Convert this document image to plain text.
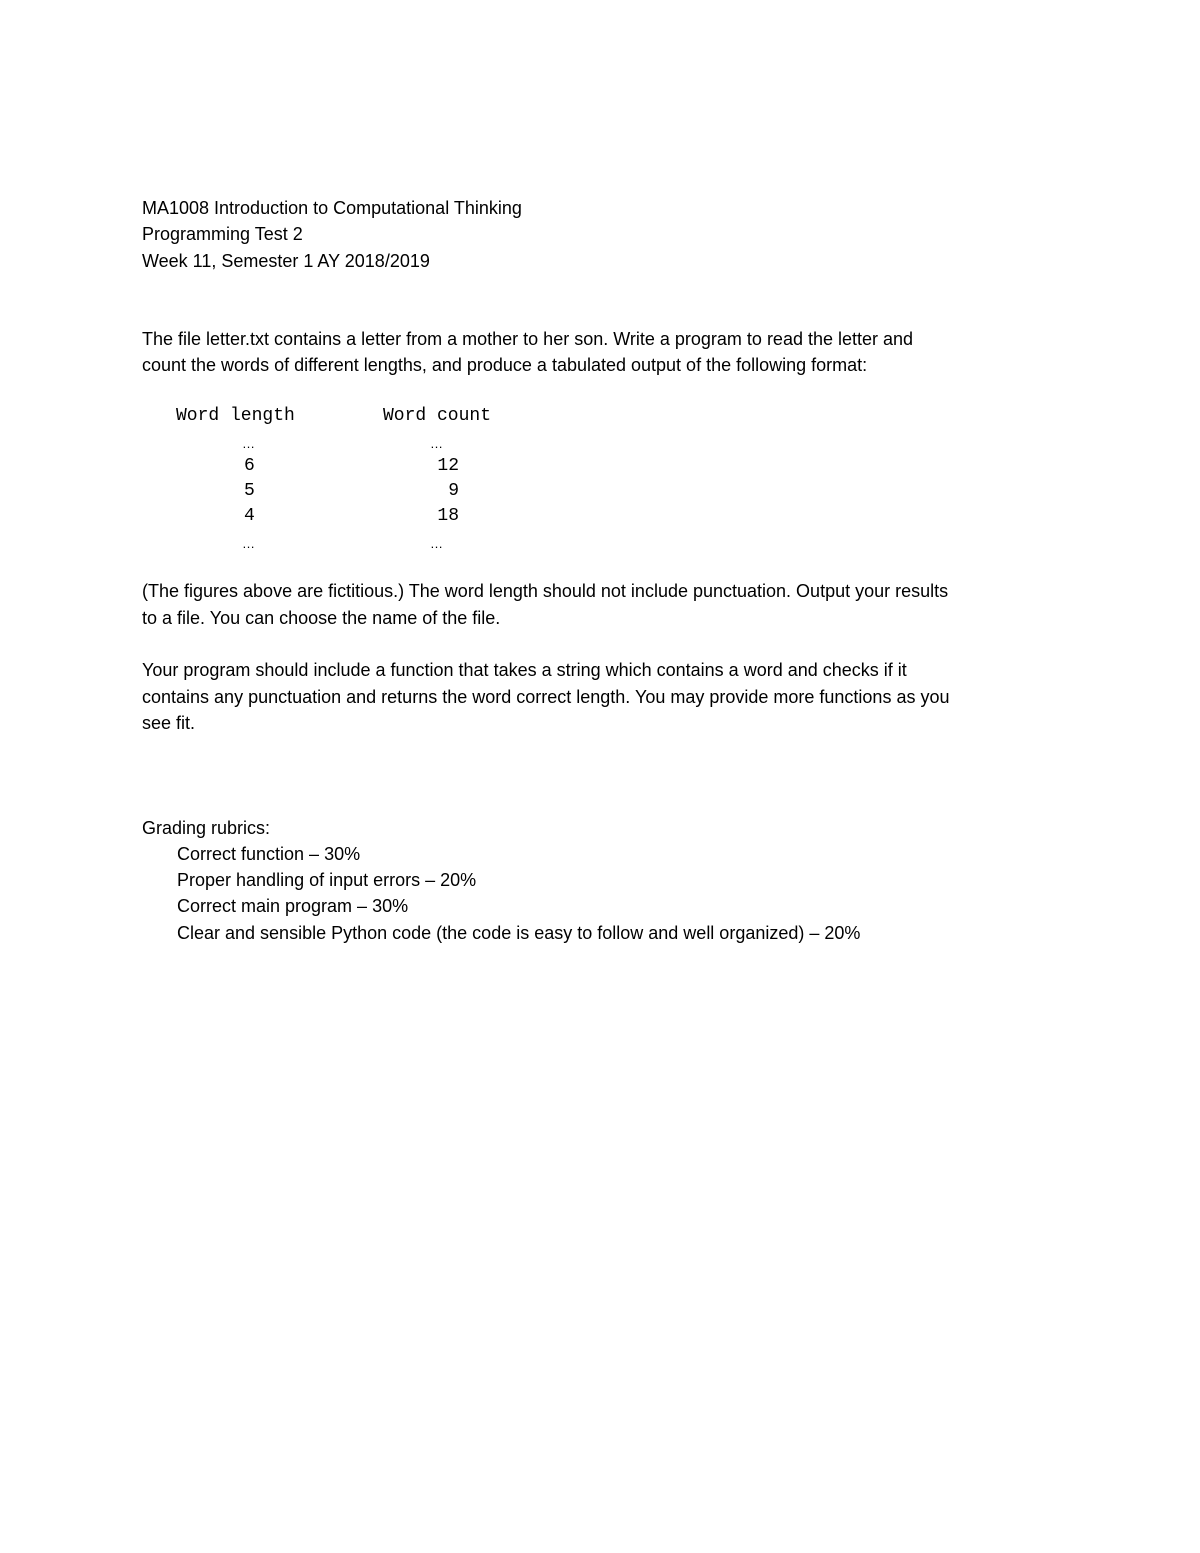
MA1008 Introduction to Computational Thinking
Programming Test 2
Week 11, Semester 1 AY 2018/2019
The file letter.txt contains a letter from a mother to her son. Write a program to read the letter and
count the words of different lengths, and produce a tabulated output of the following format:
Word length	Word count
…	…
6	12
5	9
4	18
…	…
(The figures above are fictitious.) The word length should not include punctuation. Output your results
to a file. You can choose the name of the file.
Your program should include a function that takes a string which contains a word and checks if it
contains any punctuation and returns the word correct length. You may provide more functions as you
see fit.
Grading rubrics:
Correct function – 30%
Proper handling of input errors – 20%
Correct main program – 30%
Clear and sensible Python code (the code is easy to follow and well organized) – 20%
